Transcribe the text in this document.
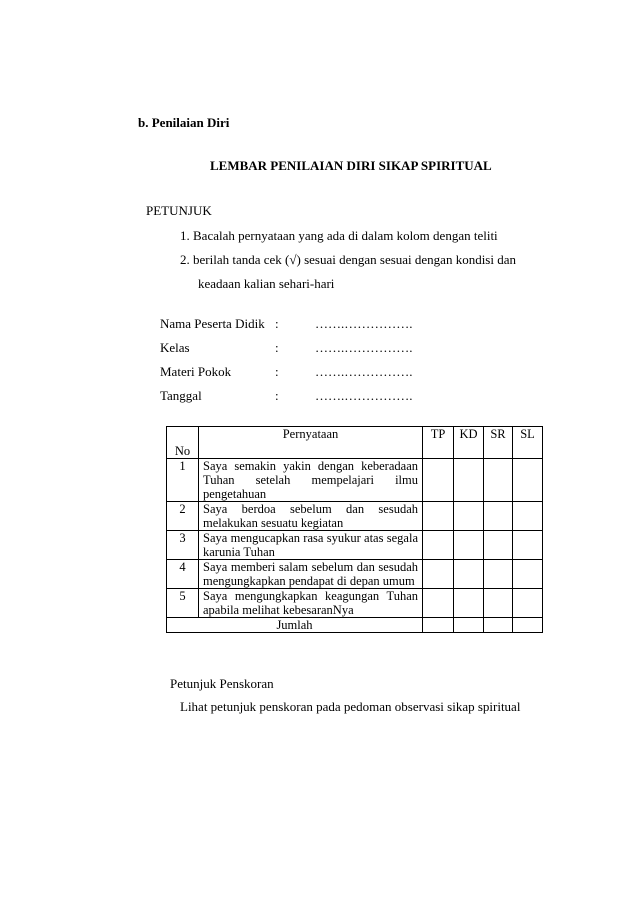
b. Penilaian Diri
LEMBAR PENILAIAN DIRI SIKAP SPIRITUAL
PETUNJUK
1. Bacalah pernyataan yang ada di dalam kolom dengan teliti
2. berilah tanda cek (√) sesuai dengan sesuai dengan kondisi dan
keadaan kalian sehari-hari
Nama Peserta Didik :	…….…………….
Kelas	:	…….…………….
Materi Pokok	:	…….…………….
Tanggal	:	…….…………….
No	Pernyataan	TP	KD	SR	SL
1	Saya semakin yakin dengan keberadaan Tuhan setelah mempelajari ilmu pengetahuan				
2	Saya berdoa sebelum dan sesudah melakukan sesuatu kegiatan				
3	Saya mengucapkan rasa syukur atas segala karunia Tuhan				
4	Saya memberi salam sebelum dan sesudah mengungkapkan pendapat di depan umum				
5	Saya mengungkapkan keagungan Tuhan apabila melihat kebesaranNya				
Jumlah					
Petunjuk Penskoran
Lihat petunjuk penskoran pada pedoman observasi sikap spiritual
